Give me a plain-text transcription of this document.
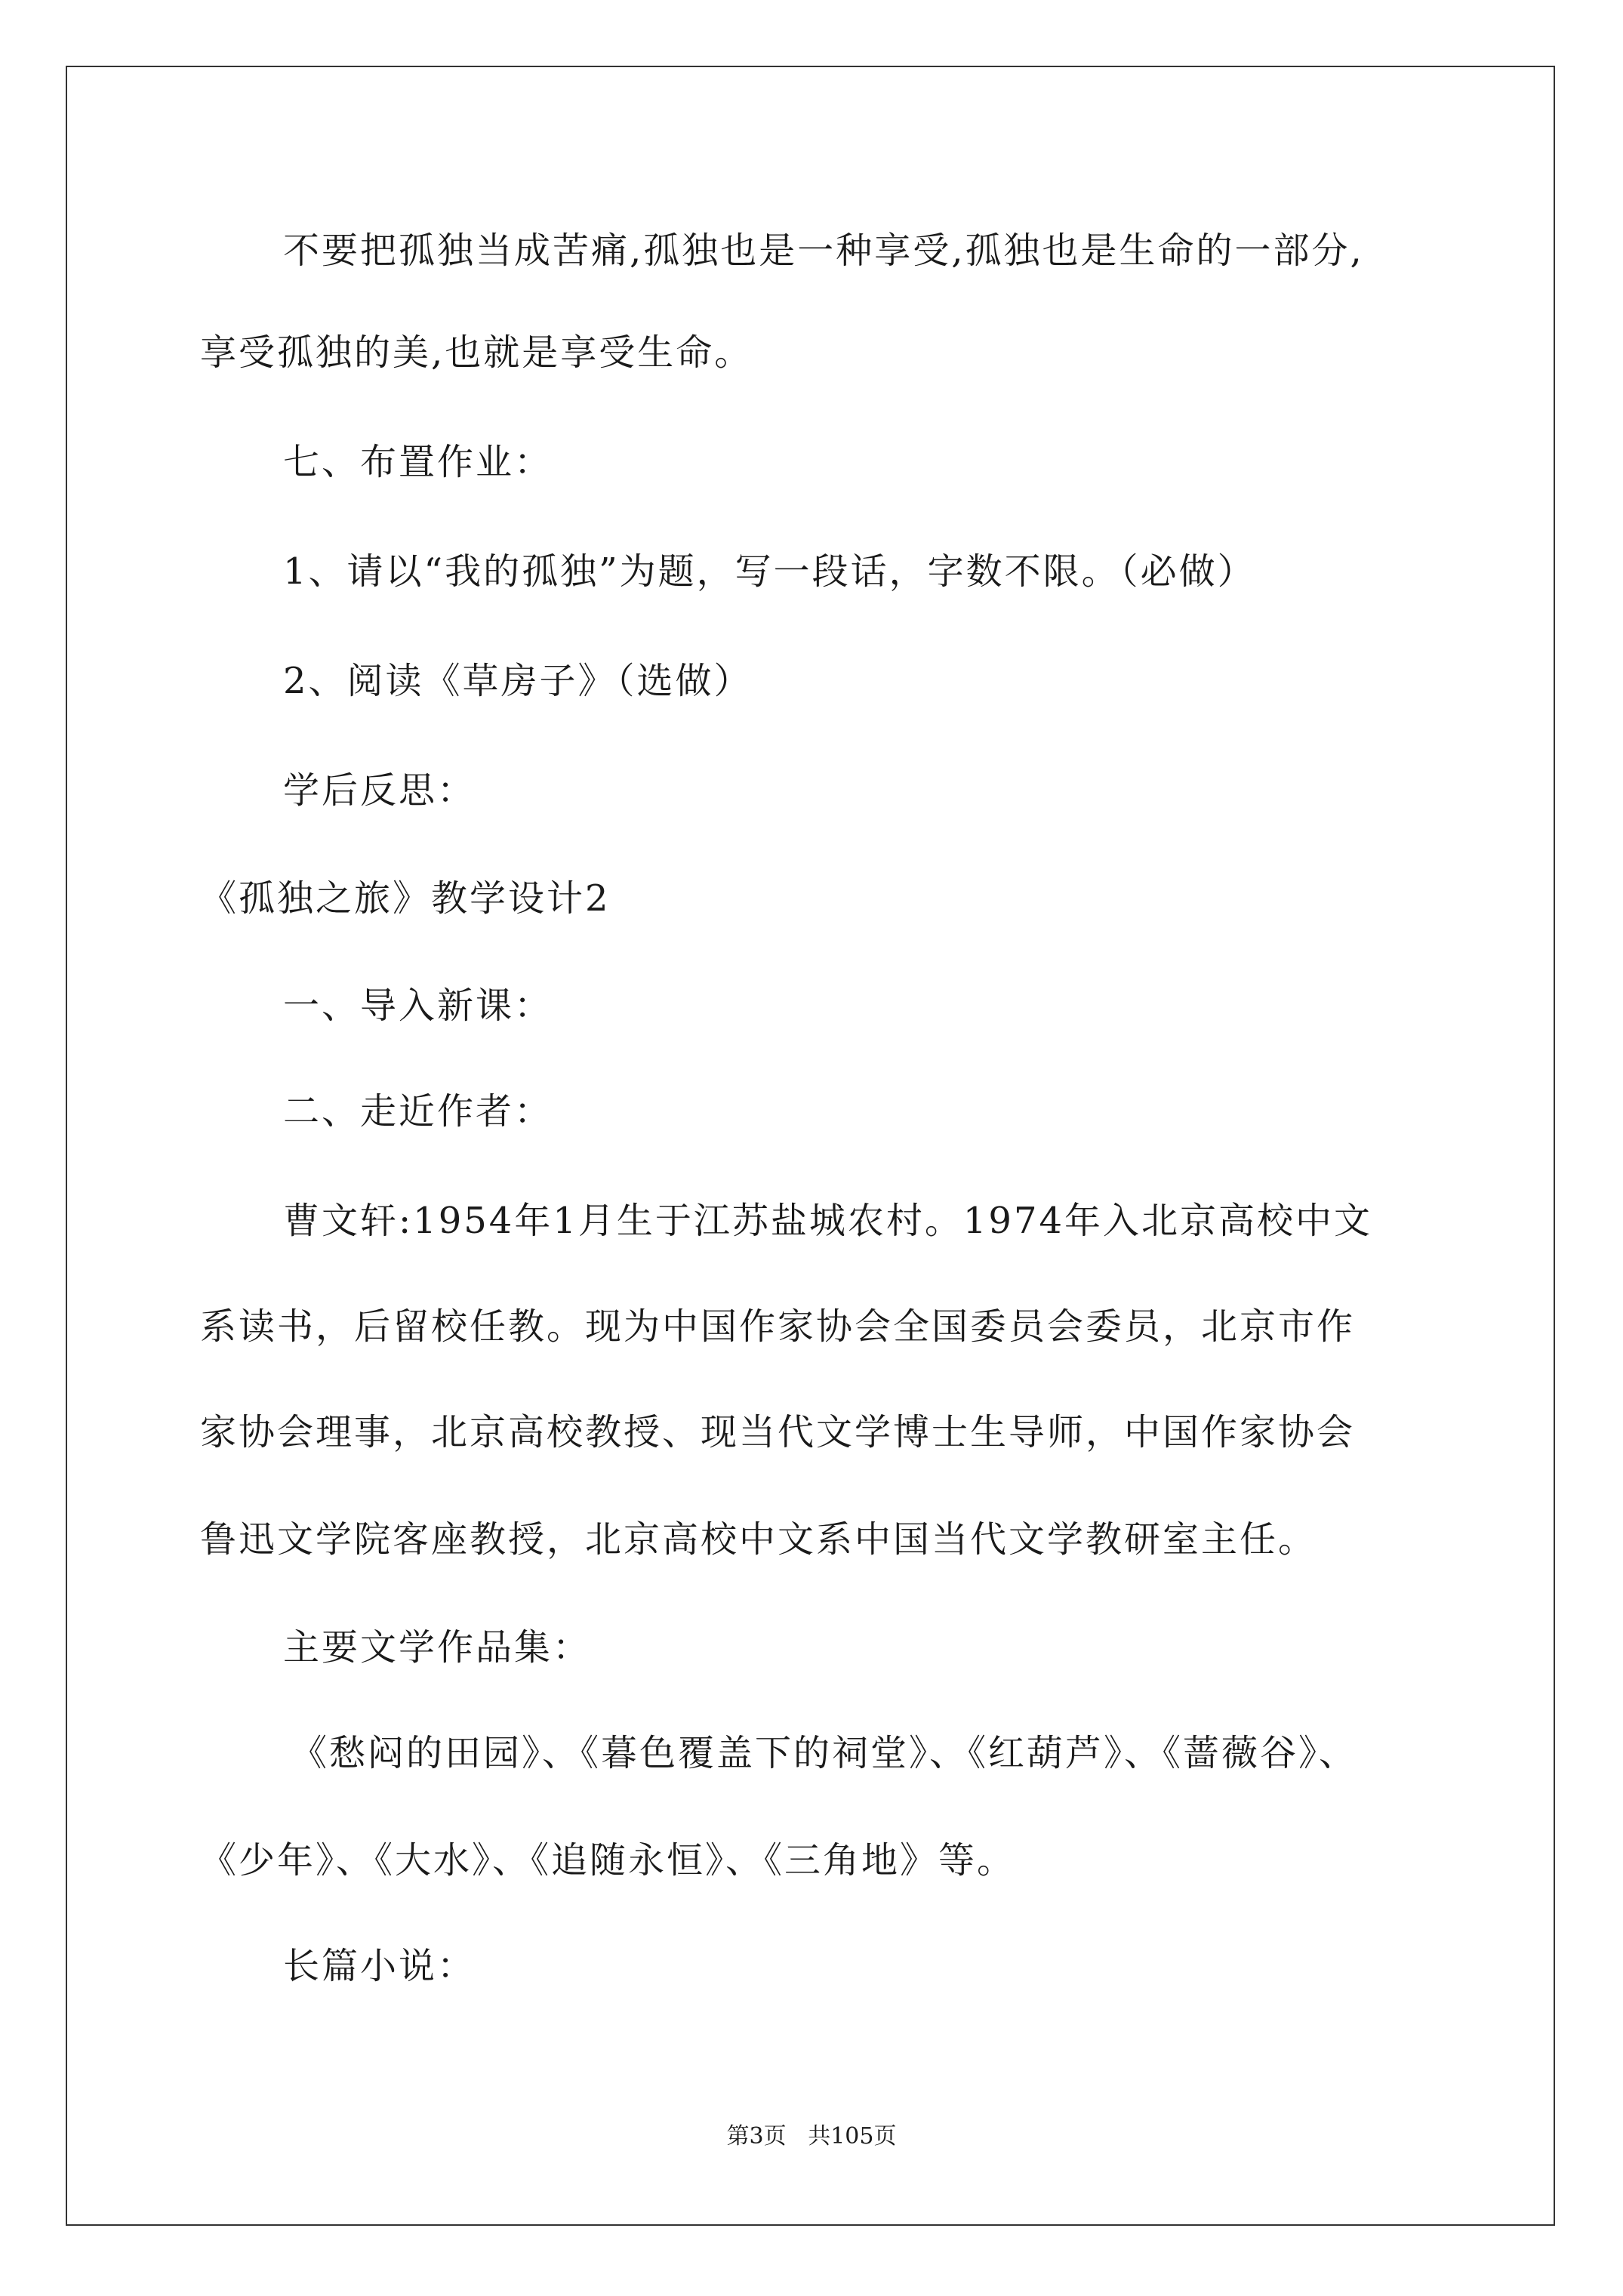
不要把孤独当成苦痛,孤独也是一种享受,孤独也是生命的一部分,
享受孤独的美,也就是享受生命。
七、布置作业：
1、请以“我的孤独”为题，写一段话，字数不限。（必做）
2、阅读《草房子》（选做）
学后反思：
《孤独之旅》教学设计2
一、导入新课：
二、走近作者：
曹文轩:1954年1月生于江苏盐城农村。1974年入北京高校中文
系读书，后留校任教。现为中国作家协会全国委员会委员，北京市作
家协会理事，北京高校教授、现当代文学博士生导师，中国作家协会
鲁迅文学院客座教授，北京高校中文系中国当代文学教研室主任。
主要文学作品集：
《愁闷的田园》、《暮色覆盖下的祠堂》、《红葫芦》、《蔷薇谷》、
《少年》、《大水》、《追随永恒》、《三角地》等。
长篇小说：
第3页   共105页
